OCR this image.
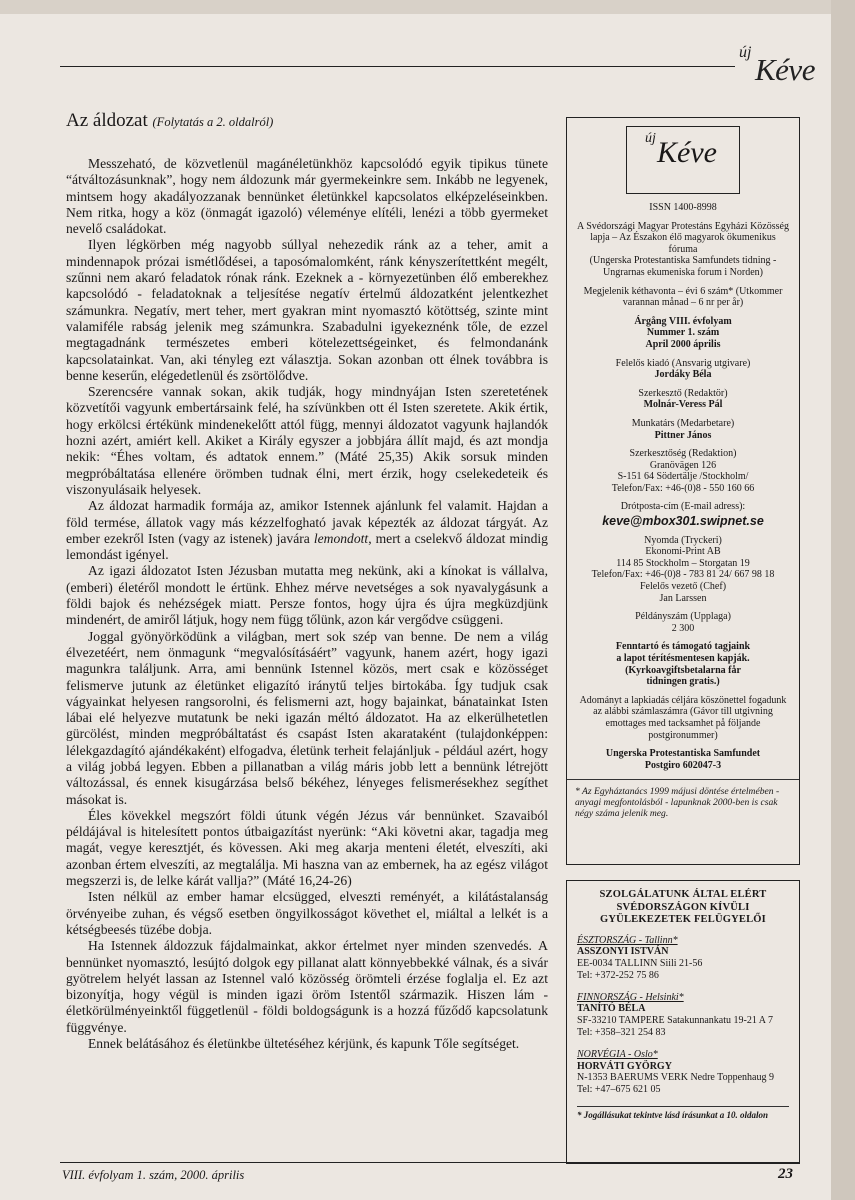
új Kéve
Az áldozat (Folytatás a 2. oldalról)

Messzeható, de közvetlenül magánéletünkhöz kapcsolódó egyik tipikus tünete “átváltozásunknak”, hogy nem áldozunk már gyermekeinkre sem. Inkább ne legyenek, mintsem hogy akadályozzanak bennünket életünkkel kapcsolatos elképzeléseinkben. Nem ritka, hogy a köz (önmagát igazoló) véleménye elítéli, lenézi a több gyermeket nevelő családokat.

Ilyen légkörben még nagyobb súllyal nehezedik ránk az a teher, amit a mindennapok prózai ismétlődései, a taposómalomként, ránk kényszerítettként megélt, szűnni nem akaró feladatok rónak ránk. Ezeknek a - környezetünben élő emberekhez kapcsolódó - feladatoknak a teljesítése negatív értelmű áldozatként jelentkezhet számunkra. Negatív, mert teher, mert gyakran mint nyomasztó kötöttség, szinte mint valamiféle rabság jelenik meg számunkra. Szabadulni igyekeznénk tőle, de ezzel megtagadnánk természetes emberi kötelezettségeinket, és felmondanánk kapcsolatainkat. Van, aki tényleg ezt választja. Sokan azonban ott élnek továbbra is benne keserűn, elégedetlenül és zsörtölődve.

Szerencsére vannak sokan, akik tudják, hogy mindnyájan Isten szeretetének közvetítői vagyunk embertársaink felé, ha szívünkben ott él Isten szeretete. Akik értik, hogy erkölcsi értékünk mindenekelőtt attól függ, mennyi áldozatot vagyunk hajlandók hozni azért, amiért kell. Akiket a Király egyszer a jobbjára állít majd, és azt mondja nekik: “Éhes voltam, és adtatok ennem.” (Máté 25,35) Akik sorsuk minden megpróbáltatása ellenére örömben tudnak élni, mert érzik, hogy cselekedeteik és viszonyulásaik helyesek.

Az áldozat harmadik formája az, amikor Istennek ajánlunk fel valamit. Hajdan a föld termése, állatok vagy más kézzelfogható javak képezték az áldozat tárgyát. Az ember ezekről Isten (vagy az istenek) javára lemondott, mert a cselekvő áldozat mindig lemondást igényel.

Az igazi áldozatot Isten Jézusban mutatta meg nekünk, aki a kínokat is vállalva, (emberi) életéről mondott le értünk. Ehhez mérve nevetséges a sok nyavalygásunk a földi bajok és nehézségek miatt. Persze fontos, hogy újra és újra megküzdjünk mindenért, de amiről látjuk, hogy nem függ tőlünk, azon kár vergődve csüggeni.

Joggal gyönyörködünk a világban, mert sok szép van benne. De nem a világ élvezetéért, nem önmagunk “megvalósításáért” vagyunk, hanem azért, hogy igazi magunkra találjunk. Arra, ami bennünk Istennel közös, mert csak e közösséget felismerve jutunk az életünket eligazító iránytű teljes birtokába. Így tudjuk csak vágyainkat helyesen rangsorolni, és felismerni azt, hogy bajainkat, bánatainkat Isten lábai elé helyezve mutatunk be neki igazán méltó áldozatot. Ha az elkerülhetetlen gürcölést, minden megpróbáltatást és csapást Isten akarataként (tulajdonképpen: lélekgazdagító ajándékaként) elfogadva, életünk terheit felajánljuk - például azért, hogy a világ jobbá legyen. Ebben a pillanatban a világ máris jobb lett a bennünk létrejött változással, és ennek kisugárzása belső békéhez, lényeges felismerésekhez segíthet másokat is.

Éles kövekkel megszórt földi útunk végén Jézus vár bennünket. Szavaiból példájával is hitelesített pontos útbaigazítást nyerünk: “Aki követni akar, tagadja meg magát, vegye keresztjét, és kövessen. Aki meg akarja menteni életét, elveszíti, aki azonban értem elveszíti, az megtalálja. Mi haszna van az embernek, ha az egész világot megszerzi is, de lelke kárát vallja?” (Máté 16,24-26)

Isten nélkül az ember hamar elcsügged, elveszti reményét, a kilátástalanság örvényeibe zuhan, és végső esetben öngyilkosságot követhet el, miáltal a lelkét is a kétségbeesés tüzébe dobja.

Ha Istennek áldozzuk fájdalmainkat, akkor értelmet nyer minden szenvedés. A bennünket nyomasztó, lesújtó dolgok egy pillanat alatt könnyebbekké válnak, és a sivár gyötrelem helyét lassan az Istennel való közösség örömteli érzése foglalja el. Ez azt bizonyítja, hogy végül is minden igazi öröm Istentől származik. Hiszen lám - életkörülményeinktől függetlenül - földi boldogságunk is a hozzá fűződő kapcsolatunk függvénye.

Ennek belátásához és életünkbe ültetéséhez kérjünk, és kapunk Tőle segítséget.

új Kéve
ISSN 1400-8998
A Svédországi Magyar Protestáns Egyházi Közösség lapja – Az Északon élő magyarok ökumenikus fóruma
(Ungerska Protestantiska Samfundets tidning - Ungrarnas ekumeniska forum i Norden)
Megjelenik kéthavonta – évi 6 szám* (Utkommer varannan månad – 6 nr per år)
Árgång VIII. évfolyam
Nummer 1. szám
April 2000 április
Felelős kiadó (Ansvarig utgivare)
Jordáky Béla
Szerkesztő (Redaktör)
Molnár-Veress Pál
Munkatárs (Medarbetare)
Pittner János
Szerkesztőség (Redaktion)
Granövägen 126
S-151 64 Södertälje /Stockholm/
Telefon/Fax: +46-(0)8 - 550 160 66
Drótposta-cím (E-mail adress):
keve@mbox301.swipnet.se
Nyomda (Tryckeri)
Ekonomi-Print AB
114 85 Stockholm – Storgatan 19
Telefon/Fax: +46-(0)8 - 783 81 24/ 667 98 18
Felelős vezető (Chef)
Jan Larssen
Példányszám (Upplaga)
2 300
Fenntartó és támogató tagjaink
a lapot térítésmentesen kapják.
(Kyrkoavgiftsbetalarna får
tidningen gratis.)
Adományt a lapkiadás céljára köszönettel fogadunk az alábbi számlaszámra (Gávor till utgivning emottages med tacksamhet på följande postgironummer)
Ungerska Protestantiska Samfundet
Postgiro 602047-3
* Az Egyháztanács 1999 májusi döntése értelmében - anyagi megfontolásból - lapunknak 2000-ben is csak négy száma jelenik meg.
SZOLGÁLATUNK ÁLTAL ELÉRT
SVÉDORSZÁGON KÍVÜLI
GYÜLEKEZETEK FELÜGYELŐI
ÉSZTORSZÁG - Tallinn*
ASSZONYI ISTVÁN
EE-0034 TALLINN Siili 21-56
Tel: +372-252 75 86
FINNORSZÁG - Helsinki*
TANÍTÓ BÉLA
SF-33210 TAMPERE Satakunnankatu 19-21 A 7
Tel: +358–321 254 83
NORVÉGIA - Oslo*
HORVÁTI GYÖRGY
N-1353 BAERUMS VERK Nedre Toppenhaug 9
Tel: +47–675 621 05
* Jogállásukat tekintve lásd írásunkat a 10. oldalon
VIII. évfolyam 1. szám, 2000. április	23
